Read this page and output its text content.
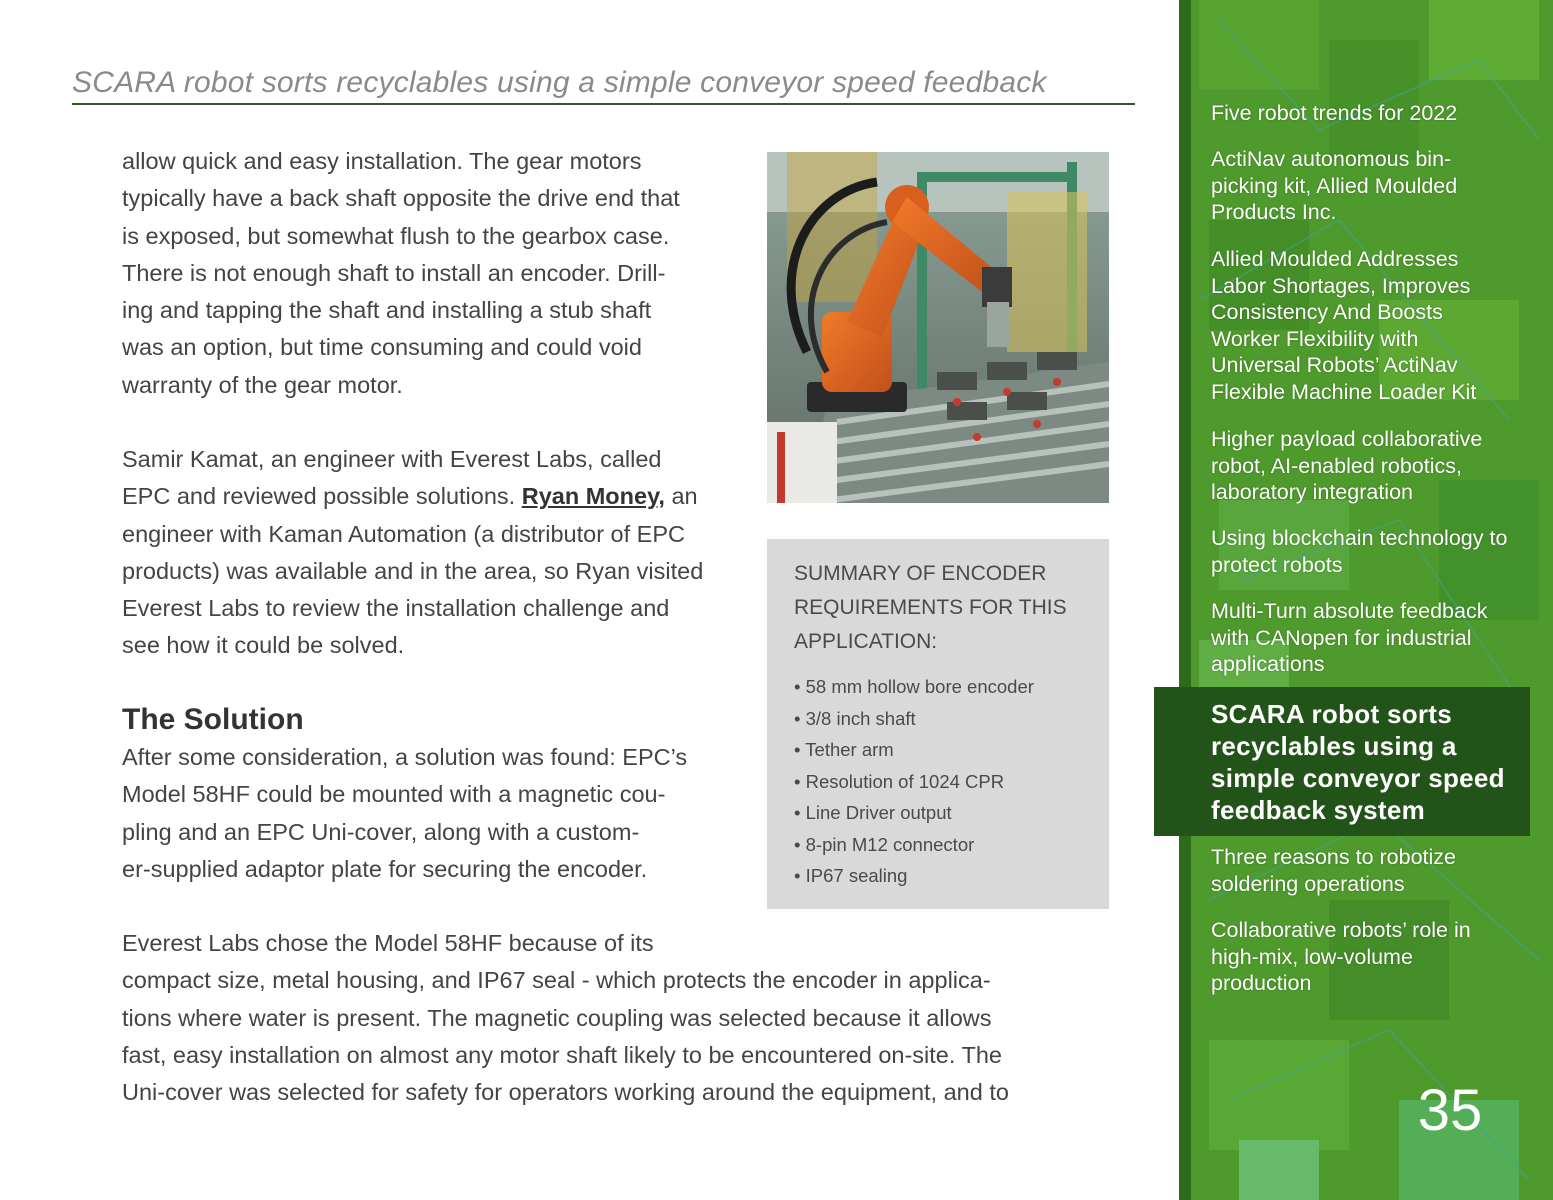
SCARA robot sorts recyclables using a simple conveyor speed feedback
allow quick and easy installation. The gear motors
typically have a back shaft opposite the drive end that
is exposed, but somewhat flush to the gearbox case.
There is not enough shaft to install an encoder. Drill-
ing and tapping the shaft and installing a stub shaft
was an option, but time consuming and could void
warranty of the gear motor.
Samir Kamat, an engineer with Everest Labs, called
EPC and reviewed possible solutions. Ryan Money, an
engineer with Kaman Automation (a distributor of EPC
products) was available and in the area, so Ryan visited
Everest Labs to review the installation challenge and
see how it could be solved.
The Solution
After some consideration, a solution was found: EPC’s
Model 58HF could be mounted with a magnetic cou-
pling and an EPC Uni-cover, along with a custom-
er-supplied adaptor plate for securing the encoder.
Everest Labs chose the Model 58HF because of its
compact size, metal housing, and IP67 seal - which protects the encoder in applica-
tions where water is present. The magnetic coupling was selected because it allows
fast, easy installation on almost any motor shaft likely to be encountered on-site. The
Uni-cover was selected for safety for operators working around the equipment, and to
SUMMARY OF ENCODER REQUIREMENTS FOR THIS APPLICATION:
• 58 mm hollow bore encoder
• 3/8 inch shaft
• Tether arm
• Resolution of 1024 CPR
• Line Driver output
• 8-pin M12 connector
• IP67 sealing
Five robot trends for 2022
ActiNav autonomous bin-picking kit, Allied Moulded Products Inc.
Allied Moulded Addresses Labor Shortages, Improves Consistency And Boosts Worker Flexibility with Universal Robots’ ActiNav Flexible Machine Loader Kit
Higher payload collaborative robot, AI-enabled robotics, laboratory integration
Using blockchain technology to protect robots
Multi-Turn absolute feedback with CANopen for industrial applications
Three reasons to robotize soldering operations
Collaborative robots’ role in high-mix, low-volume production
SCARA robot sorts recyclables using a simple conveyor speed feedback system
35
